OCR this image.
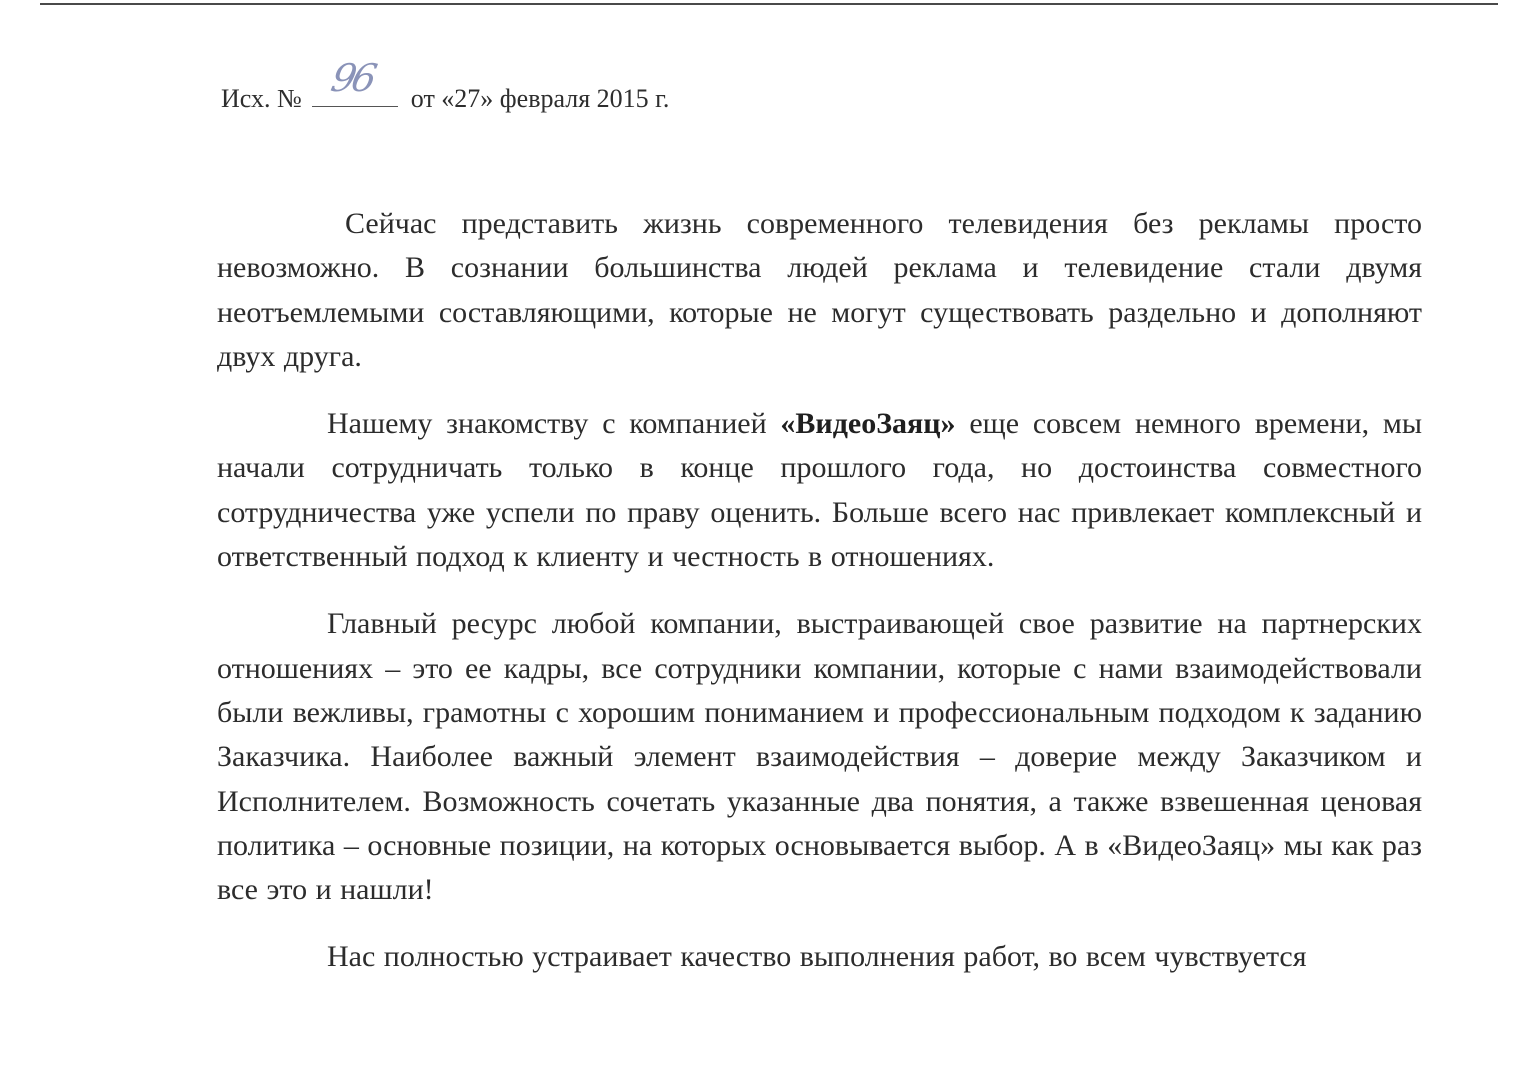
Исх. № 96 от «27» февраля 2015 г.

Сейчас представить жизнь современного телевидения без рекламы просто невозможно. В сознании большинства людей реклама и телевидение стали двумя неотъемлемыми составляющими, которые не могут существовать раздельно и дополняют двух друга.

Нашему знакомству с компанией «ВидеоЗаяц» еще совсем немного времени, мы начали сотрудничать только в конце прошлого года, но достоинства совместного сотрудничества уже успели по праву оценить. Больше всего нас привлекает комплексный и ответственный подход к клиенту и честность в отношениях.

Главный ресурс любой компании, выстраивающей свое развитие на партнерских отношениях – это ее кадры, все сотрудники компании, которые с нами взаимодействовали были вежливы, грамотны с хорошим пониманием и профессиональным подходом к заданию Заказчика. Наиболее важный элемент взаимодействия – доверие между Заказчиком и Исполнителем. Возможность сочетать указанные два понятия, а также взвешенная ценовая политика – основные позиции, на которых основывается выбор. А в «ВидеоЗаяц» мы как раз все это и нашли!

Нас полностью устраивает качество выполнения работ, во всем чувствуется
